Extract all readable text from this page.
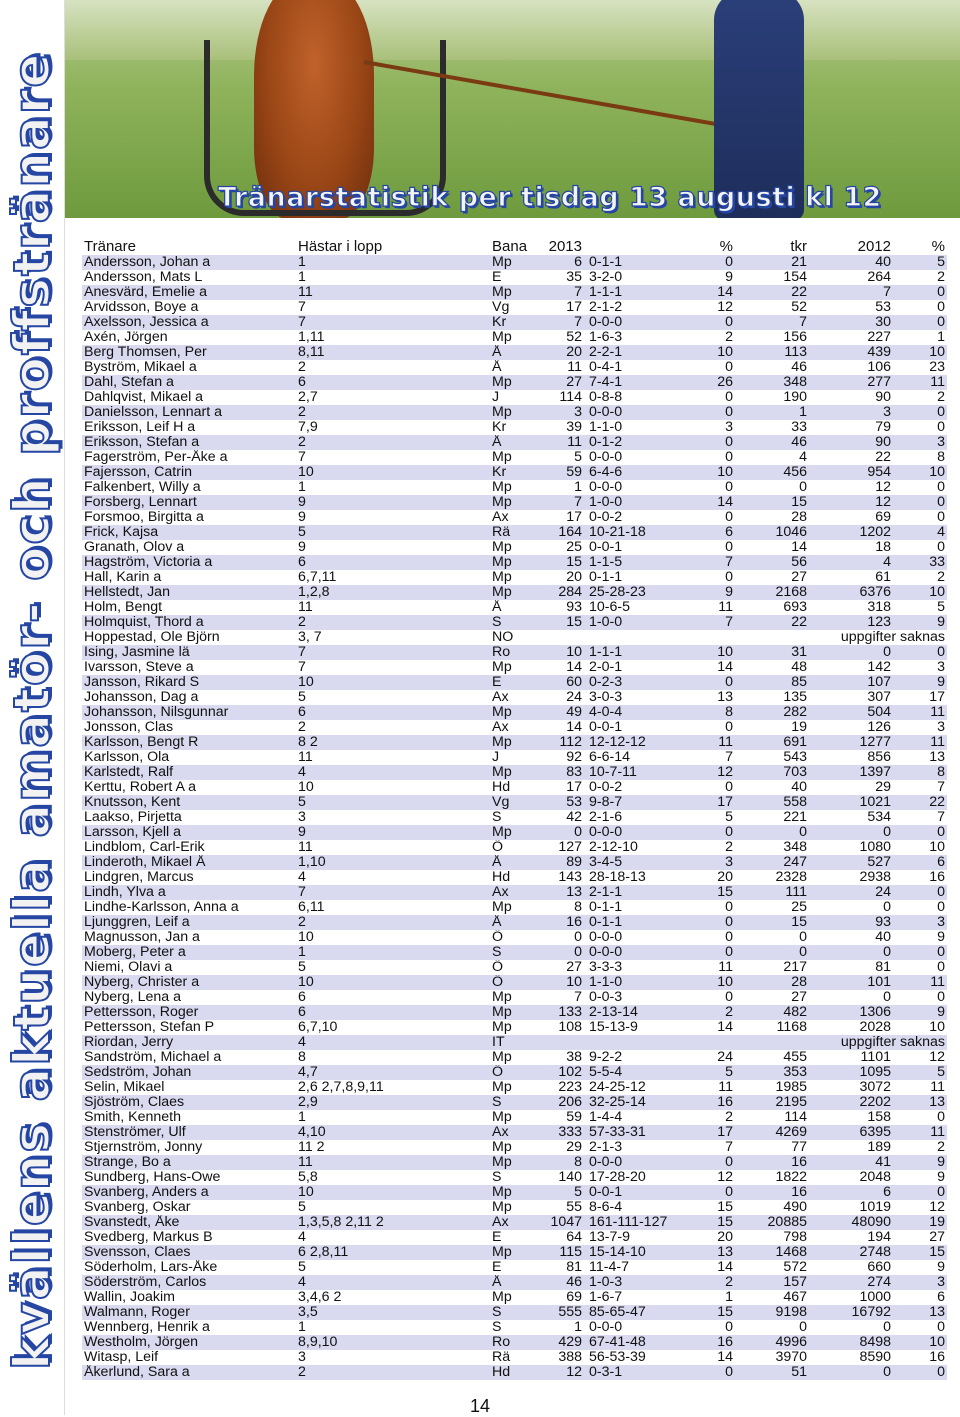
kvällens aktuella amatör- och proffstränare	Tränarstatistik per tisdag 13 augusti kl 12
Tränare	Hästar i lopp	Bana	2013		%	tkr	2012	%
Andersson, Johan a	1	Mp	6	0-1-1	0	21	40	5
Andersson, Mats L	1	E	35	3-2-0	9	154	264	2
Anesvärd, Emelie a	11	Mp	7	1-1-1	14	22	7	0
Arvidsson, Boye a	7	Vg	17	2-1-2	12	52	53	0
Axelsson, Jessica a	7	Kr	7	0-0-0	0	7	30	0
Axén, Jörgen	1,11	Mp	52	1-6-3	2	156	227	1
Berg Thomsen, Per	8,11	Å	20	2-2-1	10	113	439	10
Byström, Mikael a	2	Å	11	0-4-1	0	46	106	23
Dahl, Stefan a	6	Mp	27	7-4-1	26	348	277	11
Dahlqvist, Mikael a	2,7	J	114	0-8-8	0	190	90	2
Danielsson, Lennart a	2	Mp	3	0-0-0	0	1	3	0
Eriksson, Leif H a	7,9	Kr	39	1-1-0	3	33	79	0
Eriksson, Stefan a	2	Å	11	0-1-2	0	46	90	3
Fagerström, Per-Åke a	7	Mp	5	0-0-0	0	4	22	8
Fajersson, Catrin	10	Kr	59	6-4-6	10	456	954	10
Falkenbert, Willy a	1	Mp	1	0-0-0	0	0	12	0
Forsberg, Lennart	9	Mp	7	1-0-0	14	15	12	0
Forsmoo, Birgitta a	9	Ax	17	0-0-2	0	28	69	0
Frick, Kajsa	5	Rä	164	10-21-18	6	1046	1202	4
Granath, Olov a	9	Mp	25	0-0-1	0	14	18	0
Hagström, Victoria a	6	Mp	15	1-1-5	7	56	4	33
Hall, Karin a	6,7,11	Mp	20	0-1-1	0	27	61	2
Hellstedt, Jan	1,2,8	Mp	284	25-28-23	9	2168	6376	10
Holm, Bengt	11	Å	93	10-6-5	11	693	318	5
Holmquist, Thord a	2	S	15	1-0-0	7	22	123	9
Hoppestad, Ole Björn	3, 7	NO	uppgifter saknas					
Ising, Jasmine lä	7	Ro	10	1-1-1	10	31	0	0
Ivarsson, Steve a	7	Mp	14	2-0-1	14	48	142	3
Jansson, Rikard S	10	E	60	0-2-3	0	85	107	9
Johansson, Dag a	5	Ax	24	3-0-3	13	135	307	17
Johansson, Nilsgunnar	6	Mp	49	4-0-4	8	282	504	11
Jonsson, Clas	2	Ax	14	0-0-1	0	19	126	3
Karlsson, Bengt R	8 2	Mp	112	12-12-12	11	691	1277	11
Karlsson, Ola	11	J	92	6-6-14	7	543	856	13
Karlstedt, Ralf	4	Mp	83	10-7-11	12	703	1397	8
Kerttu, Robert A a	10	Hd	17	0-0-2	0	40	29	7
Knutsson, Kent	5	Vg	53	9-8-7	17	558	1021	22
Laakso, Pirjetta	3	S	42	2-1-6	5	221	534	7
Larsson, Kjell a	9	Mp	0	0-0-0	0	0	0	0
Lindblom, Carl-Erik	11	Ö	127	2-12-10	2	348	1080	10
Linderoth, Mikael Å	1,10	Å	89	3-4-5	3	247	527	6
Lindgren, Marcus	4	Hd	143	28-18-13	20	2328	2938	16
Lindh, Ylva a	7	Ax	13	2-1-1	15	111	24	0
Lindhe-Karlsson, Anna a	6,11	Mp	8	0-1-1	0	25	0	0
Ljunggren, Leif a	2	Å	16	0-1-1	0	15	93	3
Magnusson, Jan a	10	Ö	0	0-0-0	0	0	40	9
Moberg, Peter a	1	S	0	0-0-0	0	0	0	0
Niemi, Olavi a	5	Ö	27	3-3-3	11	217	81	0
Nyberg, Christer a	10	Ö	10	1-1-0	10	28	101	11
Nyberg, Lena a	6	Mp	7	0-0-3	0	27	0	0
Pettersson, Roger	6	Mp	133	2-13-14	2	482	1306	9
Pettersson, Stefan P	6,7,10	Mp	108	15-13-9	14	1168	2028	10
Riordan, Jerry	4	IT	uppgifter saknas					
Sandström, Michael a	8	Mp	38	9-2-2	24	455	1101	12
Sedström, Johan	4,7	Ö	102	5-5-4	5	353	1095	5
Selin, Mikael	2,6 2,7,8,9,11	Mp	223	24-25-12	11	1985	3072	11
Sjöström, Claes	2,9	S	206	32-25-14	16	2195	2202	13
Smith, Kenneth	1	Mp	59	1-4-4	2	114	158	0
Stenströmer, Ulf	4,10	Ax	333	57-33-31	17	4269	6395	11
Stjernström, Jonny	11 2	Mp	29	2-1-3	7	77	189	2
Strange, Bo a	11	Mp	8	0-0-0	0	16	41	9
Sundberg, Hans-Owe	5,8	S	140	17-28-20	12	1822	2048	9
Svanberg, Anders a	10	Mp	5	0-0-1	0	16	6	0
Svanberg, Oskar	5	Mp	55	8-6-4	15	490	1019	12
Svanstedt, Åke	1,3,5,8 2,11 2	Ax	1047	161-111-127	15	20885	48090	19
Svedberg, Markus B	4	E	64	13-7-9	20	798	194	27
Svensson, Claes	6 2,8,11	Mp	115	15-14-10	13	1468	2748	15
Söderholm, Lars-Åke	5	E	81	11-4-7	14	572	660	9
Söderström, Carlos	4	Å	46	1-0-3	2	157	274	3
Wallin, Joakim	3,4,6 2	Mp	69	1-6-7	1	467	1000	6
Walmann, Roger	3,5	S	555	85-65-47	15	9198	16792	13
Wennberg, Henrik a	1	S	1	0-0-0	0	0	0	0
Westholm, Jörgen	8,9,10	Ro	429	67-41-48	16	4996	8498	10
Witasp, Leif	3	Rä	388	56-53-39	14	3970	8590	16
Åkerlund, Sara a	2	Hd	12	0-3-1	0	51	0	0
14
